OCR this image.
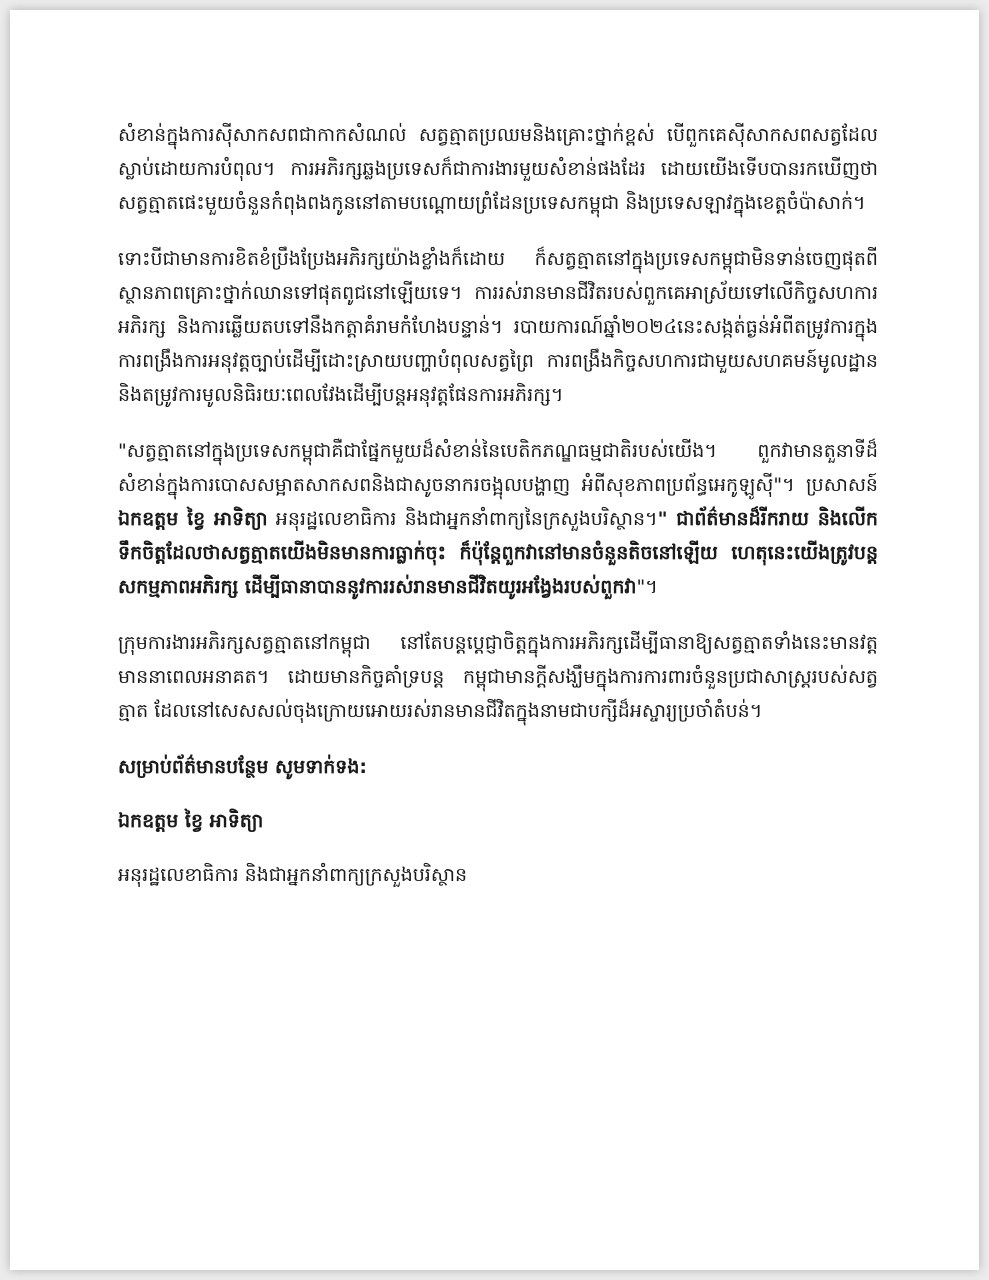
សំខាន់ក្នុងការស៊ីសាកសពជាកាកសំណល់ សត្វត្មាតប្រឈមនិងគ្រោះថ្នាក់ខ្ពស់ បើពួកគេស៊ីសាកសពសត្វដែលស្លាប់ដោយការបំពុល។ ការអភិរក្សឆ្លងប្រទេសក៏ជាការងារមួយសំខាន់ផងដែរ ដោយយើងទើបបានរកឃើញថាសត្វត្មាតផេះមួយចំនួនកំពុងពងកូននៅតាមបណ្តោយព្រំដែនប្រទេសកម្ពុជា និងប្រទេសឡាវក្នុងខេត្តចំប៉ាសាក់។

ទោះបីជាមានការខិតខំប្រឹងប្រែងអភិរក្សយ៉ាងខ្លាំងក៏ដោយ ក៏សត្វត្មាតនៅក្នុងប្រទេសកម្ពុជាមិនទាន់ចេញផុតពីស្ថានភាពគ្រោះថ្នាក់ឈានទៅផុតពូជនៅឡើយទេ។ ការរស់រានមានជីវិតរបស់ពួកគេអាស្រ័យទៅលើកិច្ចសហការអភិរក្ស និងការឆ្លើយតបទៅនឹងកត្តាគំរាមកំហែងបន្ទាន់។ របាយការណ៍ឆ្នាំ២០២៤នេះសង្កត់ធ្ងន់អំពីតម្រូវការក្នុងការពង្រឹងការអនុវត្តច្បាប់ដើម្បីដោះស្រាយបញ្ហាបំពុលសត្វព្រៃ ការពង្រឹងកិច្ចសហការជាមួយសហគមន៍មូលដ្ឋាន និងតម្រូវការមូលនិធិរយៈពេលវែងដើម្បីបន្តអនុវត្តផែនការអភិរក្ស។

"សត្វត្មាតនៅក្នុងប្រទេសកម្ពុជាគឺជាផ្នែកមួយដ៏សំខាន់នៃបេតិកភណ្ឌធម្មជាតិរបស់យើង។ ពួកវាមានតួនាទីដ៏សំខាន់ក្នុងការបោសសម្អាតសាកសពនិងជាសូចនាករចង្អុលបង្ហាញ អំពីសុខភាពប្រព័ន្ធអេកូឡូស៊ី"។ ប្រសាសន៍ ឯកឧត្តម ខ្វៃ អាទិត្យា អនុរដ្ឋលេខាធិការ និងជាអ្នកនាំពាក្យនៃក្រសួងបរិស្ថាន។" ជាព័ត៌មានដ៏រីករាយ និងលើកទឹកចិត្តដែលថាសត្វត្មាតយើងមិនមានការធ្លាក់ចុះ ក៏ប៉ុន្តែពួកវានៅមានចំនួនតិចនៅឡើយ ហេតុនេះយើងត្រូវបន្តសកម្មភាពអភិរក្ស ដើម្បីធានាបាននូវការរស់រានមានជីវិតយូរអង្វែងរបស់ពួកវា"។

ក្រុមការងារអភិរក្សសត្វត្មាតនៅកម្ពុជា នៅតែបន្តប្តេជ្ញាចិត្តក្នុងការអភិរក្សដើម្បីធានាឱ្យសត្វត្មាតទាំងនេះមានវត្តមាននាពេលអនាគត។ ដោយមានកិច្ចគាំទ្របន្ត កម្ពុជាមានក្តីសង្ឃឹមក្នុងការការពារចំនួនប្រជាសាស្ត្ររបស់សត្វត្មាត ដែលនៅសេសសល់ចុងក្រោយអោយរស់រានមានជីវិតក្នុងនាមជាបក្សីដ៏អស្ចារ្យប្រចាំតំបន់។

សម្រាប់ព័ត៌មានបន្ថែម សូមទាក់ទង:

ឯកឧត្តម ខ្វៃ អាទិត្យា

អនុរដ្ឋលេខាធិការ និងជាអ្នកនាំពាក្យក្រសួងបរិស្ថាន
